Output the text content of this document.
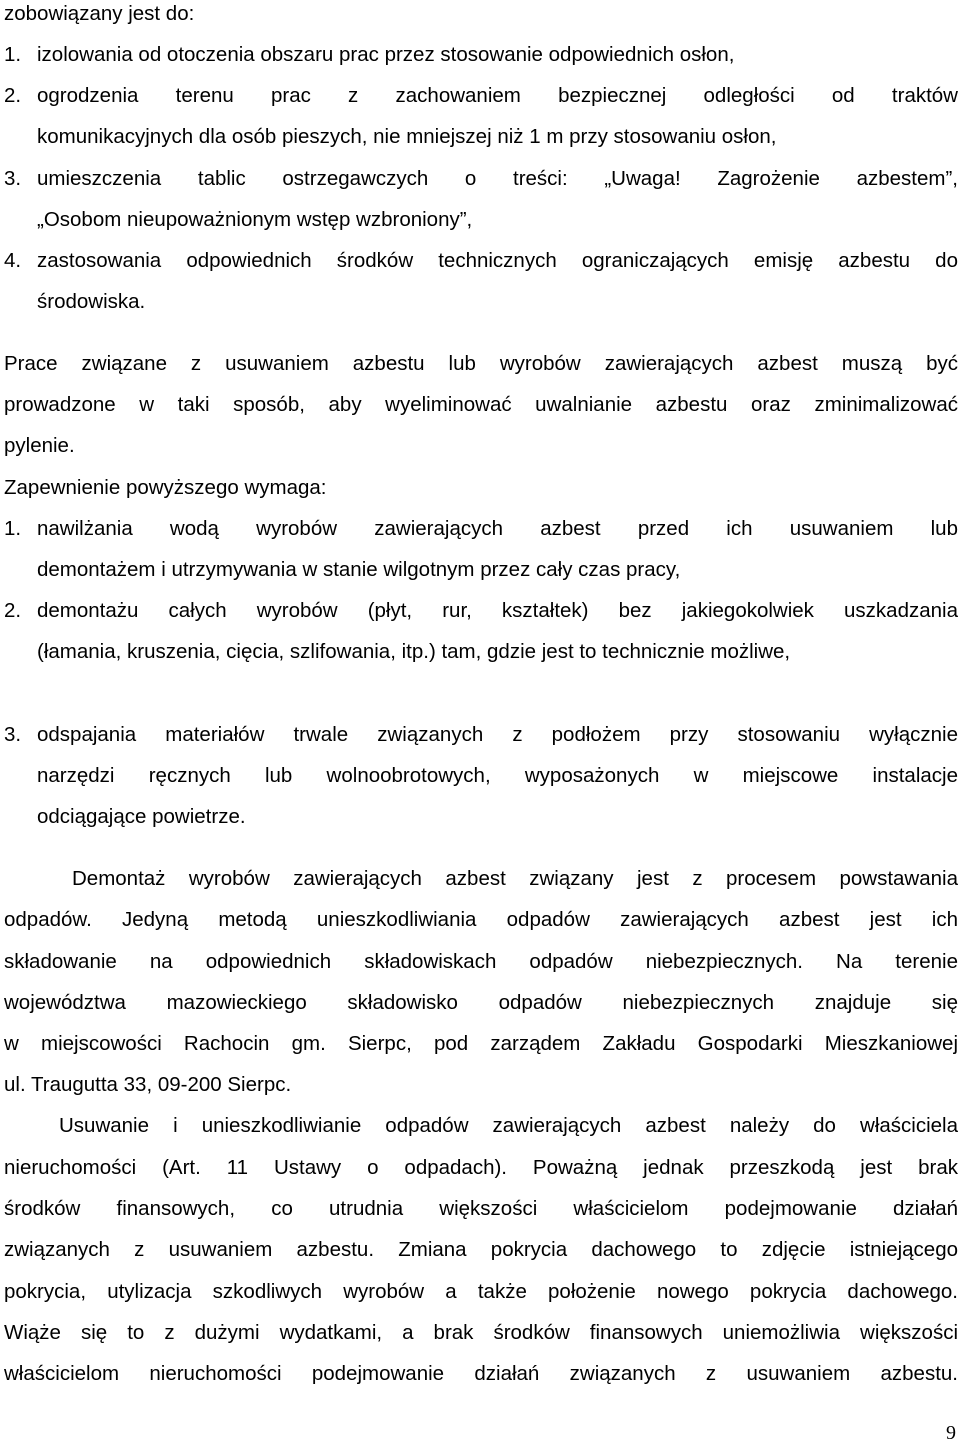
zobowiązany jest do:
1. izolowania od otoczenia obszaru prac przez stosowanie odpowiednich osłon,
2. ogrodzenia terenu prac z zachowaniem bezpiecznej odległości od traktów
komunikacyjnych dla osób pieszych, nie mniejszej niż 1 m przy stosowaniu osłon,
3. umieszczenia tablic ostrzegawczych o treści: „Uwaga! Zagrożenie azbestem”,
„Osobom nieupoważnionym wstęp wzbroniony”,
4. zastosowania odpowiednich środków technicznych ograniczających emisję azbestu do
środowiska.
Prace związane z usuwaniem azbestu lub wyrobów zawierających azbest muszą być
prowadzone w taki sposób, aby wyeliminować uwalnianie azbestu oraz zminimalizować
pylenie.
Zapewnienie powyższego wymaga:
1. nawilżania wodą wyrobów zawierających azbest przed ich usuwaniem lub
demontażem i utrzymywania w stanie wilgotnym przez cały czas pracy,
2. demontażu całych wyrobów (płyt, rur, kształtek) bez jakiegokolwiek uszkadzania
(łamania, kruszenia, cięcia, szlifowania, itp.) tam, gdzie jest to technicznie możliwe,
3. odspajania materiałów trwale związanych z podłożem przy stosowaniu wyłącznie
narzędzi ręcznych lub wolnoobrotowych, wyposażonych w miejscowe instalacje
odciągające powietrze.
Demontaż wyrobów zawierających azbest związany jest z procesem powstawania
odpadów. Jedyną metodą unieszkodliwiania odpadów zawierających azbest jest ich
składowanie na odpowiednich składowiskach odpadów niebezpiecznych. Na terenie
województwa mazowieckiego składowisko odpadów niebezpiecznych znajduje się
w miejscowości Rachocin gm. Sierpc, pod zarządem Zakładu Gospodarki Mieszkaniowej
ul. Traugutta 33, 09-200 Sierpc.
Usuwanie i unieszkodliwianie odpadów zawierających azbest należy do właściciela
nieruchomości (Art. 11 Ustawy o odpadach). Poważną jednak przeszkodą jest brak
środków finansowych, co utrudnia większości właścicielom podejmowanie działań
związanych z usuwaniem azbestu. Zmiana pokrycia dachowego to zdjęcie istniejącego
pokrycia, utylizacja szkodliwych wyrobów a także położenie nowego pokrycia dachowego.
Wiąże się to z dużymi wydatkami, a brak środków finansowych uniemożliwia większości
właścicielom nieruchomości podejmowanie działań związanych z usuwaniem azbestu.
9
